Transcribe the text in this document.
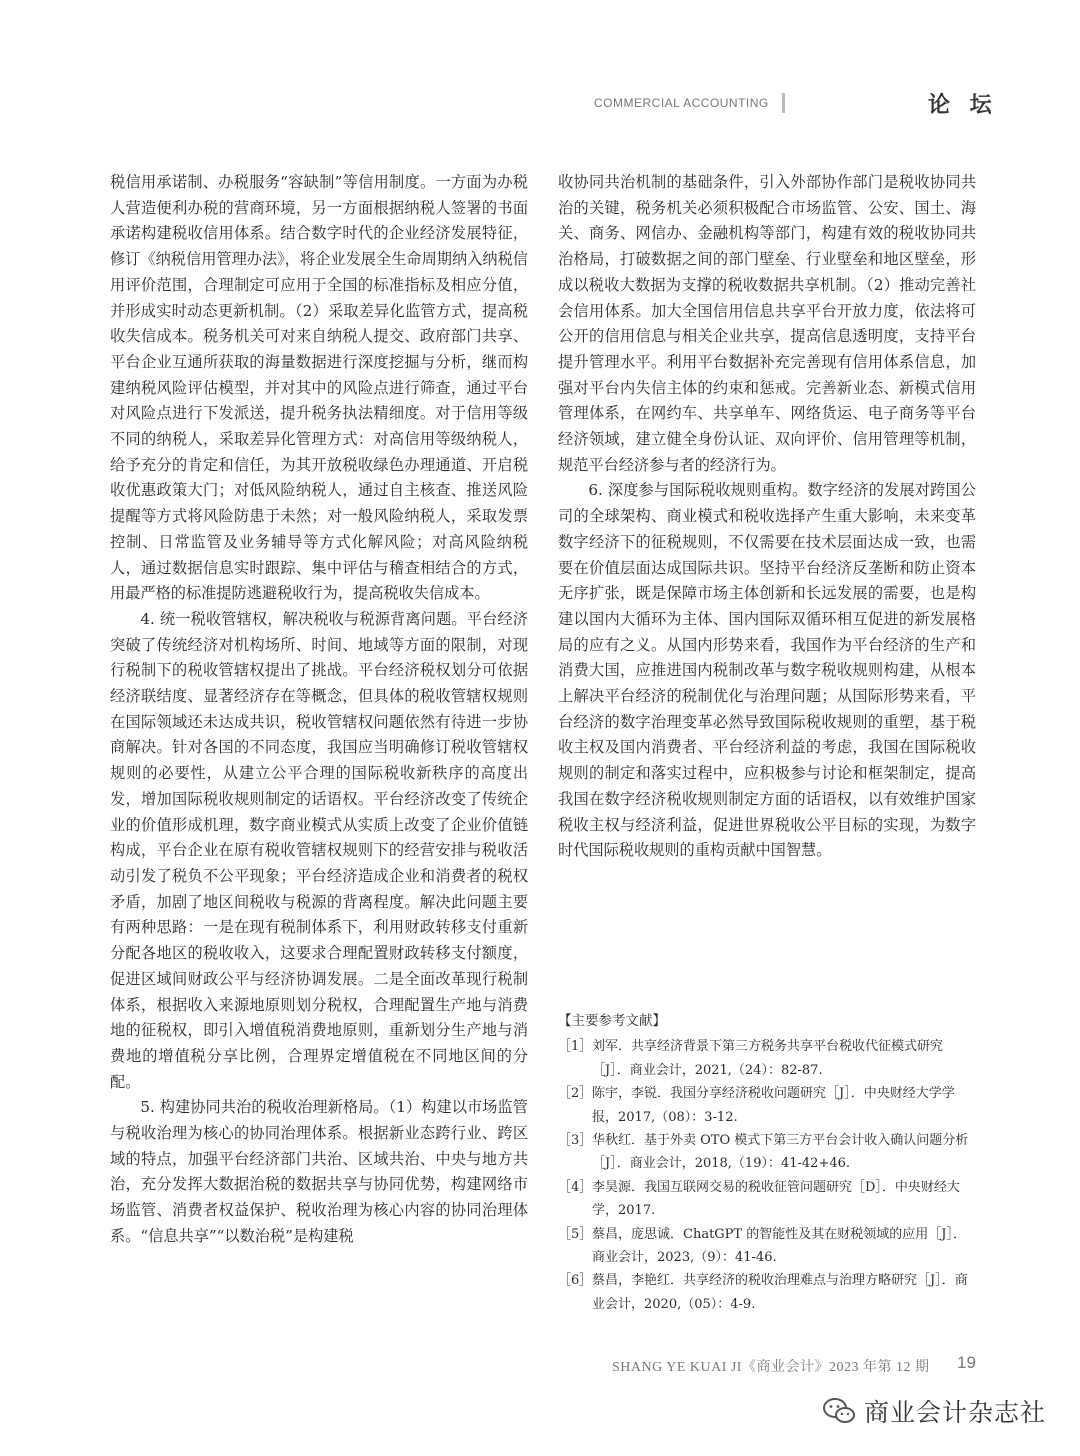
COMMERCIAL ACCOUNTING	论 坛

税信用承诺制、办税服务“容缺制”等信用制度。一方面为办税人营造便利办税的营商环境，另一方面根据纳税人签署的书面承诺构建税收信用体系。结合数字时代的企业经济发展特征，修订《纳税信用管理办法》，将企业发展全生命周期纳入纳税信用评价范围，合理制定可应用于全国的标准指标及相应分值，并形成实时动态更新机制。（2）采取差异化监管方式，提高税收失信成本。税务机关可对来自纳税人提交、政府部门共享、平台企业互通所获取的海量数据进行深度挖掘与分析，继而构建纳税风险评估模型，并对其中的风险点进行筛查，通过平台对风险点进行下发派送，提升税务执法精细度。对于信用等级不同的纳税人，采取差异化管理方式：对高信用等级纳税人，给予充分的肯定和信任，为其开放税收绿色办理通道、开启税收优惠政策大门；对低风险纳税人，通过自主核查、推送风险提醒等方式将风险防患于未然；对一般风险纳税人，采取发票控制、日常监管及业务辅导等方式化解风险；对高风险纳税人，通过数据信息实时跟踪、集中评估与稽查相结合的方式，用最严格的标准提防逃避税收行为，提高税收失信成本。

4. 统一税收管辖权，解决税收与税源背离问题。平台经济突破了传统经济对机构场所、时间、地域等方面的限制，对现行税制下的税收管辖权提出了挑战。平台经济税权划分可依据经济联结度、显著经济存在等概念，但具体的税收管辖权规则在国际领域还未达成共识，税收管辖权问题依然有待进一步协商解决。针对各国的不同态度，我国应当明确修订税收管辖权规则的必要性，从建立公平合理的国际税收新秩序的高度出发，增加国际税收规则制定的话语权。平台经济改变了传统企业的价值形成机理，数字商业模式从实质上改变了企业价值链构成，平台企业在原有税收管辖权规则下的经营安排与税收活动引发了税负不公平现象；平台经济造成企业和消费者的税权矛盾，加剧了地区间税收与税源的背离程度。解决此问题主要有两种思路：一是在现有税制体系下，利用财政转移支付重新分配各地区的税收收入，这要求合理配置财政转移支付额度，促进区域间财政公平与经济协调发展。二是全面改革现行税制体系，根据收入来源地原则划分税权，合理配置生产地与消费地的征税权，即引入增值税消费地原则，重新划分生产地与消费地的增值税分享比例，合理界定增值税在不同地区间的分配。

5. 构建协同共治的税收治理新格局。（1）构建以市场监管与税收治理为核心的协同治理体系。根据新业态跨行业、跨区域的特点，加强平台经济部门共治、区域共治、中央与地方共治，充分发挥大数据治税的数据共享与协同优势，构建网络市场监管、消费者权益保护、税收治理为核心内容的协同治理体系。“信息共享”“以数治税”是构建税

收协同共治机制的基础条件，引入外部协作部门是税收协同共治的关键，税务机关必须积极配合市场监管、公安、国土、海关、商务、网信办、金融机构等部门，构建有效的税收协同共治格局，打破数据之间的部门壁垒、行业壁垒和地区壁垒，形成以税收大数据为支撑的税收数据共享机制。（2）推动完善社会信用体系。加大全国信用信息共享平台开放力度，依法将可公开的信用信息与相关企业共享，提高信息透明度，支持平台提升管理水平。利用平台数据补充完善现有信用体系信息，加强对平台内失信主体的约束和惩戒。完善新业态、新模式信用管理体系，在网约车、共享单车、网络货运、电子商务等平台经济领域，建立健全身份认证、双向评价、信用管理等机制，规范平台经济参与者的经济行为。

6. 深度参与国际税收规则重构。数字经济的发展对跨国公司的全球架构、商业模式和税收选择产生重大影响，未来变革数字经济下的征税规则，不仅需要在技术层面达成一致，也需要在价值层面达成国际共识。坚持平台经济反垄断和防止资本无序扩张，既是保障市场主体创新和长远发展的需要，也是构建以国内大循环为主体、国内国际双循环相互促进的新发展格局的应有之义。从国内形势来看，我国作为平台经济的生产和消费大国，应推进国内税制改革与数字税收规则构建，从根本上解决平台经济的税制优化与治理问题；从国际形势来看，平台经济的数字治理变革必然导致国际税收规则的重塑，基于税收主权及国内消费者、平台经济利益的考虑，我国在国际税收规则的制定和落实过程中，应积极参与讨论和框架制定，提高我国在数字经济税收规则制定方面的话语权，以有效维护国家税收主权与经济利益，促进世界税收公平目标的实现，为数字时代国际税收规则的重构贡献中国智慧。

【主要参考文献】
［1］ 刘军．共享经济背景下第三方税务共享平台税收代征模式研究［J］．商业会计，2021,（24）：82-87.
［2］ 陈宇，李锐．我国分享经济税收问题研究［J］．中央财经大学学报，2017,（08）：3-12.
［3］ 华秋红．基于外卖 OTO 模式下第三方平台会计收入确认问题分析［J］．商业会计，2018,（19）：41-42+46.
［4］ 李昊源．我国互联网交易的税收征管问题研究［D］．中央财经大学，2017.
［5］ 蔡昌，庞思诚．ChatGPT 的智能性及其在财税领域的应用［J］．商业会计，2023,（9）：41-46.
［6］ 蔡昌，李艳红．共享经济的税收治理难点与治理方略研究［J］．商业会计，2020,（05）：4-9.
SHANG YE KUAI JI《商业会计》2023 年第 12 期 19
商业会计杂志社
